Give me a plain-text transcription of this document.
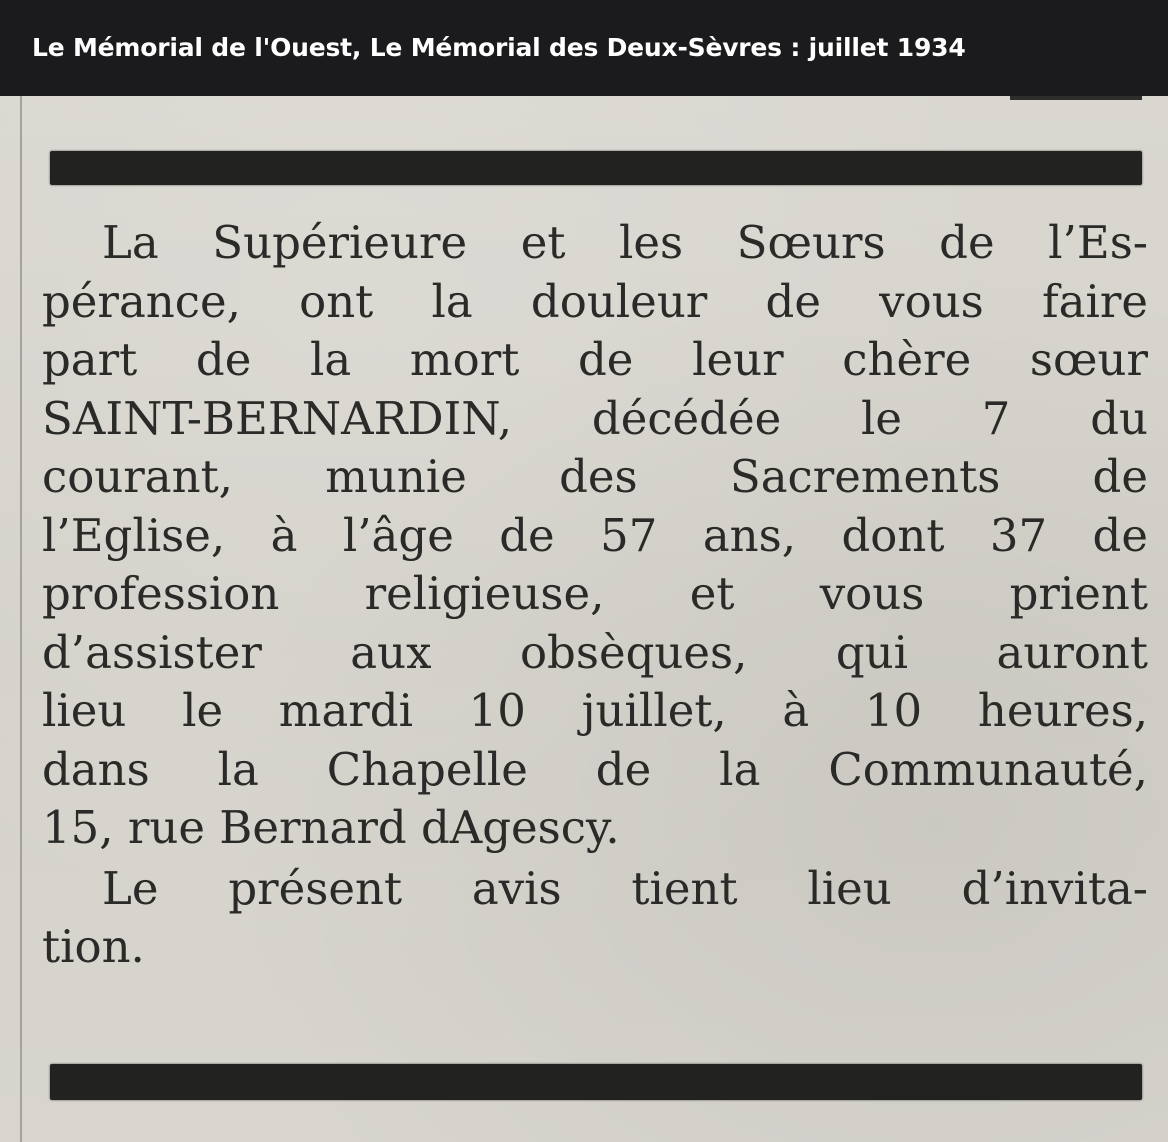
Le Mémorial de l'Ouest, Le Mémorial des Deux-Sèvres : juillet 1934
La Supérieure et les Sœurs de l’Es-
pérance, ont la douleur de vous faire
part de la mort de leur chère sœur
SAINT-BERNARDIN, décédée le 7 du
courant, munie des Sacrements de
l’Eglise, à l’âge de 57 ans, dont 37 de
profession religieuse, et vous prient
d’assister aux obsèques, qui auront
lieu le mardi 10 juillet, à 10 heures,
dans la Chapelle de la Communauté,
15, rue Bernard dAgescy.
Le présent avis tient lieu d’invita-
tion.
